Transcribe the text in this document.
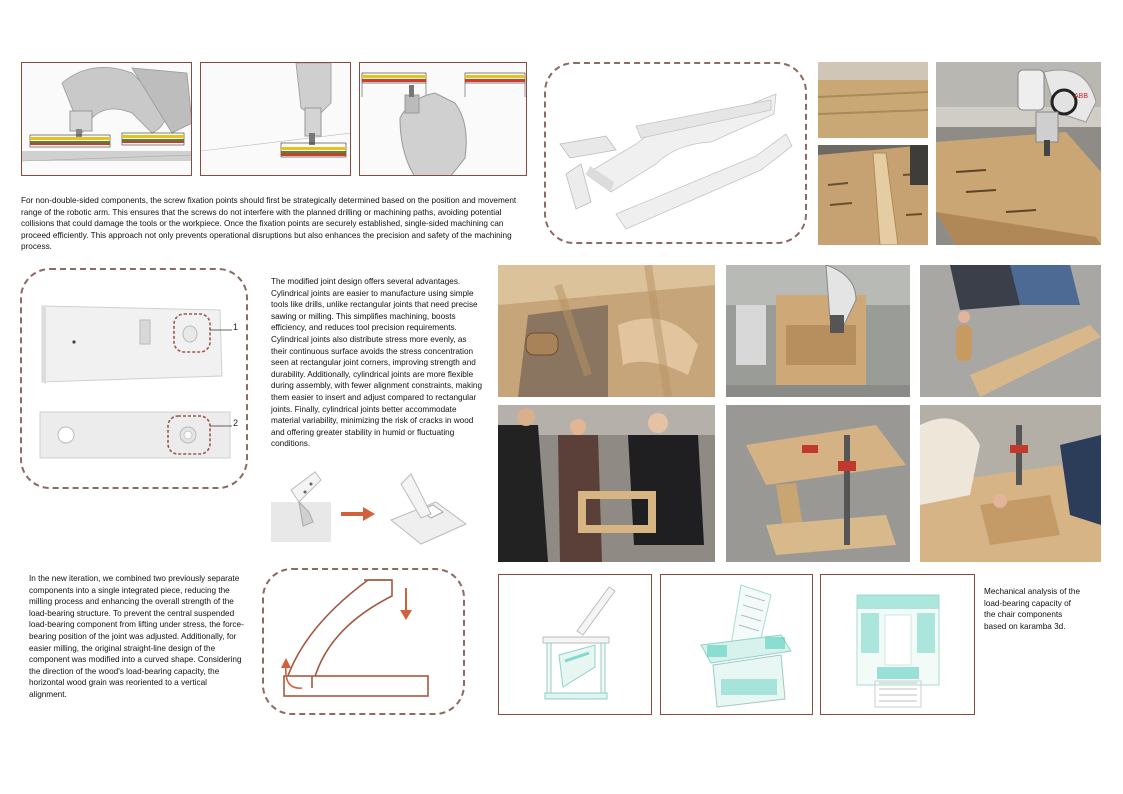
For non-double-sided components, the screw fixation points should first be strategically determined based on the position and movement range of the robotic arm. This ensures that the screws do not interfere with the planned drilling or machining paths, avoiding potential collisions that could damage the tools or the workpiece. Once the fixation points are securely established, single-sided machining can proceed efficiently. This approach not only prevents operational disruptions but also enhances the precision and safety of the machining process.
ABB
1
2
The modified joint design offers several advantages. Cylindrical joints are easier to manufacture using simple tools like drills, unlike rectangular joints that need precise sawing or milling. This simplifies machining, boosts efficiency, and reduces tool precision requirements. Cylindrical joints also distribute stress more evenly, as their continuous surface avoids the stress concentration seen at rectangular joint corners, improving strength and durability. Additionally, cylindrical joints are more flexible during assembly, with fewer alignment constraints, making them easier to insert and adjust compared to rectangular joints. Finally, cylindrical joints better accommodate material variability, minimizing the risk of cracks in wood and offering greater stability in humid or fluctuating conditions.
In the new iteration, we combined two previously separate components into a single integrated piece, reducing the milling process and enhancing the overall strength of the load-bearing structure. To prevent the central suspended load-bearing component from lifting under stress, the force-bearing position of the joint was adjusted. Additionally, for easier milling, the original straight-line design of the component was modified into a curved shape. Considering the direction of the wood's load-bearing capacity, the horizontal wood grain was reoriented to a vertical alignment.
Mechanical analysis of the load-bearing capacity of the chair components based on karamba 3d.
